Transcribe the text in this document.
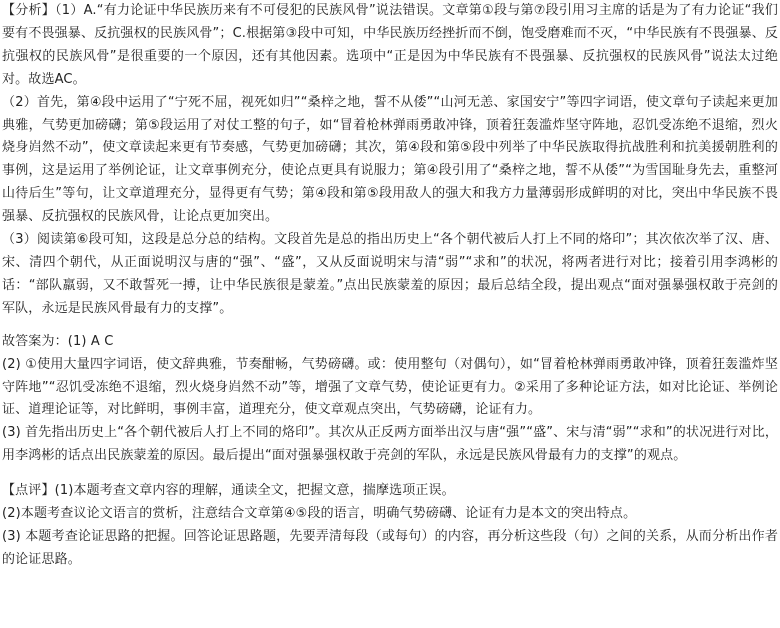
【分析】（1）A.“有力论证中华民族历来有不可侵犯的民族风骨”说法错误。文章第①段与第⑦段引用习主席的话是为了有力论证“我们要有不畏强暴、反抗强权的民族风骨”；C.根据第③段中可知，中华民族历经挫折而不倒，饱受磨难而不灭，“中华民族有不畏强暴、反抗强权的民族风骨”是很重要的一个原因，还有其他因素。选项中“正是因为中华民族有不畏强暴、反抗强权的民族风骨”说法太过绝对。故选AC。

（2）首先，第④段中运用了“宁死不屈，视死如归”“桑梓之地，誓不从倭”“山河无恙、家国安宁”等四字词语，使文章句子读起来更加典雅，气势更加磅礴；第⑤段运用了对仗工整的句子，如“冒着枪林弹雨勇敢冲锋，顶着狂轰滥炸坚守阵地，忍饥受冻绝不退缩，烈火烧身岿然不动”，使文章读起来更有节奏感，气势更加磅礴；其次，第④段和第⑤段中列举了中华民族取得抗战胜利和抗美援朝胜利的事例，这是运用了举例论证，让文章事例充分，使论点更具有说服力；第④段引用了“桑梓之地，誓不从倭”“为雪国耻身先去，重整河山待后生”等句，让文章道理充分，显得更有气势；第④段和第⑤段用敌人的强大和我方力量薄弱形成鲜明的对比，突出中华民族不畏强暴、反抗强权的民族风骨，让论点更加突出。

（3）阅读第⑥段可知，这段是总分总的结构。文段首先是总的指出历史上“各个朝代被后人打上不同的烙印”；其次依次举了汉、唐、宋、清四个朝代，从正面说明汉与唐的“强”、“盛”，又从反面说明宋与清“弱”“求和”的状况，将两者进行对比；接着引用李鸿彬的话：“部队羸弱，又不敢誓死一搏，让中华民族很是蒙羞。”点出民族蒙羞的原因；最后总结全段，提出观点“面对强暴强权敢于亮剑的军队，永远是民族风骨最有力的支撑”。

故答案为：(1) A C

(2) ①使用大量四字词语，使文辞典雅，节奏酣畅，气势磅礴。或：使用整句（对偶句），如“冒着枪林弹雨勇敢冲锋，顶着狂轰滥炸坚守阵地”“忍饥受冻绝不退缩，烈火烧身岿然不动”等，增强了文章气势，使论证更有力。②采用了多种论证方法，如对比论证、举例论证、道理论证等，对比鲜明，事例丰富，道理充分，使文章观点突出，气势磅礴，论证有力。

(3) 首先指出历史上“各个朝代被后人打上不同的烙印”。其次从正反两方面举出汉与唐“强”“盛”、宋与清“弱”“求和”的状况进行对比，用李鸿彬的话点出民族蒙羞的原因。最后提出“面对强暴强权敢于亮剑的军队，永远是民族风骨最有力的支撑”的观点。

【点评】(1)本题考查文章内容的理解，通读全文，把握文意，揣摩选项正误。

(2)本题考查议论文语言的赏析，注意结合文章第④⑤段的语言，明确气势磅礴、论证有力是本文的突出特点。

(3) 本题考查论证思路的把握。回答论证思路题，先要弄清每段（或每句）的内容，再分析这些段（句）之间的关系，从而分析出作者的论证思路。
